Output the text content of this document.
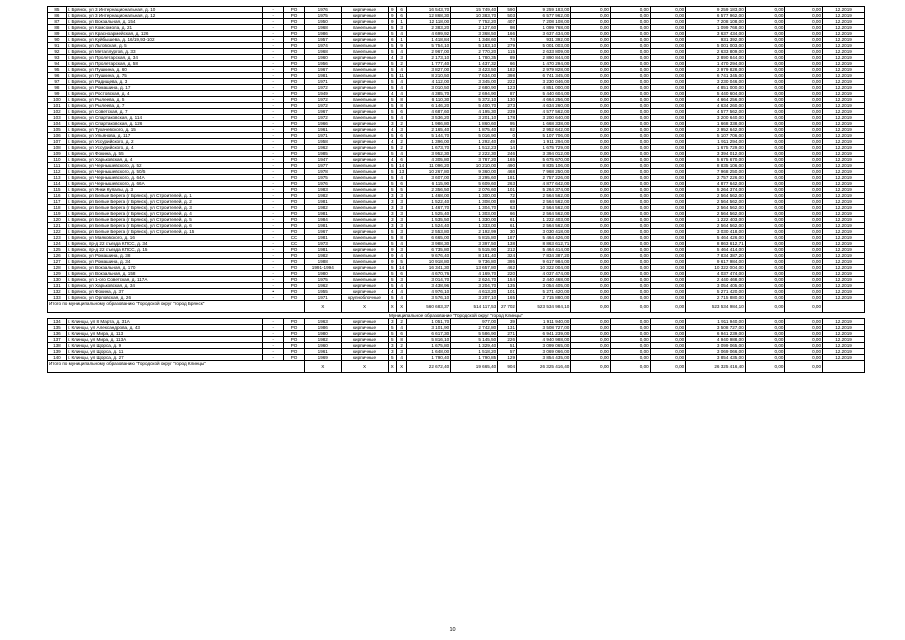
85	г. Брянск, ул 3 Интернациональная, д. 10	-	РО	1976	кирпичные	9	6	16 543,70	15 749,40	590	9 259 183,00	0,00	0,00	0,00	9 259 183,00	0,00	0,00	12.2019
86	г. Брянск, ул 3 Интернациональная, д. 12	-	РО	1975	кирпичные	9	6	12 868,30	10 383,70	503	6 577 962,00	0,00	0,00	0,00	6 577 962,00	0,00	0,00	12.2019
87	г. Брянск, ул Вокзальная, д. 154	-	РО	1950	кирпичные	9	1	12 118,00	7 752,20	407	7 208 108,00	0,00	0,00	0,00	7 208 108,00	0,00	0,00	12.2019
88	г. Брянск, ул Комсомола, д. 21	-	РО	1968	панельные	5	3	2 383,20	2 127,60	98	1 099 768,00	0,00	0,00	0,00	1 099 768,00	0,00	0,00	12.2019
89	г. Брянск, ул Красноармейская, д. 126	-	РО	1986	кирпичные	5	4	4 699,92	3 368,50	166	3 637 434,00	0,00	0,00	0,00	3 637 434,00	0,00	0,00	12.2019
90	г. Брянск, ул Куйбышева, д. 16/19,93-102	-	РО	1957	кирпичные	6	1	1 418,84	1 348,60	74	931 392,00	0,00	0,00	0,00	931 392,00	0,00	0,00	12.2019
91	г. Брянск, ул Льговская, д. 5	-	РО	1974	панельные	5	9	5 754,10	5 183,10	279	5 001 003,00	0,00	0,00	0,00	5 001 003,00	0,00	0,00	12.2019
92	г. Брянск, ул Металлургов, д. 33	-	РО	1968	панельные	5	4	2 967,00	2 770,20	115	2 633 809,00	0,00	0,00	0,00	2 633 809,00	0,00	0,00	12.2019
93	г. Брянск, ул Пролетарская, д. 34	-	РО	1960	кирпичные	4	3	2 173,10	1 780,35	89	2 890 844,00	0,00	0,00	0,00	2 890 844,00	0,00	0,00	12.2019
94	г. Брянск, ул Пролетарская, д. 58	-	РО	1956	кирпичные	5	2	1 777,40	1 437,32	66	1 470 294,00	0,00	0,00	0,00	1 470 294,00	0,00	0,00	12.2019
95	г. Брянск, ул Пушкина, д. 60	-	РО	1967	панельные	5	4	3 827,00	3 423,50	182	2 979 828,00	0,00	0,00	0,00	2 979 828,00	0,00	0,00	12.2019
96	г. Брянск, ул Пушкина, д. 75	-	РО	1981	панельные	5	11	8 210,50	7 634,00	398	6 741 345,00	0,00	0,00	0,00	6 741 345,00	0,00	0,00	12.2019
97	г. Брянск, ул Радищева, д. 3	-	РО	1971	кирпичные	5	4	4 112,00	3 345,00	222	3 230 046,00	0,00	0,00	0,00	3 230 046,00	0,00	0,00	12.2019
98	г. Брянск, ул Ромашина, д. 17	-	РО	1972	кирпичные	5	4	3 010,50	2 680,90	123	4 851 000,00	0,00	0,00	0,00	4 851 000,00	0,00	0,00	12.2019
99	г. Брянск, ул Ростовская, д. 4	-	РО	1949	кирпичные	4	4	4 385,70	2 694,90	87	5 440 604,00	0,00	0,00	0,00	5 440 604,00	0,00	0,00	12.2019
100	г. Брянск, ул Рылеева, д. 5	-	РО	1972	панельные	5	8	6 110,30	5 372,10	130	4 664 256,00	0,00	0,00	0,00	4 664 256,00	0,00	0,00	12.2019
101	г. Брянск, ул Рылеева, д. 7	-	РО	1972	панельные	5	8	6 146,20	5 400,70	273	4 634 260,00	0,00	0,00	0,00	4 634 260,00	0,00	0,00	12.2019
102	г. Брянск, ул Советская, д. 7	-	РО	1967	кирпичные	5	6	4 687,60	4 195,30	239	4 577 562,00	0,00	0,00	0,00	4 577 562,00	0,00	0,00	12.2019
103	г. Брянск, ул Спартаковская, д. 114	-	РО	1972	панельные	5	4	3 536,20	3 201,10	178	3 200 640,00	0,00	0,00	0,00	3 200 640,00	0,00	0,00	12.2019
104	г. Брянск, ул Спартаковская, д. 126	-	РО	1966	кирпичные	3	2	1 986,80	1 860,60	95	1 668 338,00	0,00	0,00	0,00	1 668 338,00	0,00	0,00	12.2019
105	г. Брянск, ул Тухачевского, д. 15	-	РО	1961	кирпичные	4	3	2 165,40	1 875,40	92	2 952 642,00	0,00	0,00	0,00	2 952 642,00	0,00	0,00	12.2019
106	г. Брянск, ул Ульянова, д. 117	-	РО	1971	панельные	5	6	5 144,70	5 016,90	0	5 107 706,00	0,00	0,00	0,00	5 107 706,00	0,00	0,00	12.2019
107	г. Брянск, ул Уссурийского, д. 2	-	РО	1958	кирпичные	4	2	1 396,00	1 292,40	49	1 911 294,00	0,00	0,00	0,00	1 911 294,00	0,00	0,00	12.2019
108	г. Брянск, ул Уссурийского, д. 4	-	РО	1962	кирпичные	5	2	1 673,70	1 512,23	14	1 675 729,00	0,00	0,00	0,00	1 675 729,00	0,00	0,00	12.2019
109	г. Брянск, ул Фокина, д. 55	-	РО	1985	кирпичные	5	4	3 952,30	2 222,30	246	3 394 012,00	0,00	0,00	0,00	3 394 012,00	0,00	0,00	12.2019
110	г. Брянск, ул Харьковская, д. 4	-	РО	1947	кирпичные	4	6	4 305,80	3 787,20	165	5 675 670,00	0,00	0,00	0,00	5 675 670,00	0,00	0,00	12.2019
111	г. Брянск, ул Чернышевского, д. 52	-	РО	1977	панельные	5	14	11 096,20	10 210,00	490	8 835 106,00	0,00	0,00	0,00	8 835 106,00	0,00	0,00	12.2019
112	г. Брянск, ул Чернышевского, д. 50/5	-	РО	1978	панельные	5	13	10 267,80	9 360,00	468	7 968 250,00	0,00	0,00	0,00	7 968 250,00	0,00	0,00	12.2019
113	г. Брянск, ул Чернышевского, д. 64А	-	РО	1975	панельные	5	4	3 607,00	3 295,60	181	2 757 226,00	0,00	0,00	0,00	2 757 226,00	0,00	0,00	12.2019
114	г. Брянск, ул Чернышевского, д. 66А	-	РО	1976	панельные	5	6	6 115,90	5 609,60	263	4 877 642,00	0,00	0,00	0,00	4 877 642,00	0,00	0,00	12.2019
115	г. Брянск, ул Янки Купалы, д. 3	-	РО	1983	панельные	5	5	2 356,50	2 076,60	101	5 264 374,00	0,00	0,00	0,00	5 264 374,00	0,00	0,00	12.2019
116	г. Брянск, рп Белые Берега (г Брянск), ул Строителей, д. 1	-	РО	1982	панельные	3	3	1 468,00	1 300,00	72	2 564 562,00	0,00	0,00	0,00	2 564 562,00	0,00	0,00	12.2019
117	г. Брянск, рп Белые Берега (г Брянск), ул Строителей, д. 2	-	РО	1981	панельные	3	3	1 522,40	1 308,00	69	2 564 562,00	0,00	0,00	0,00	2 564 562,00	0,00	0,00	12.2019
118	г. Брянск, рп Белые Берега (г Брянск), ул Строителей, д. 3	-	РО	1982	панельные	3	3	1 467,70	1 304,70	63	2 564 562,00	0,00	0,00	0,00	2 564 562,00	0,00	0,00	12.2019
119	г. Брянск, рп Белые Берега (г Брянск), ул Строителей, д. 4	-	РО	1981	панельные	3	3	1 525,40	1 303,00	66	2 564 562,00	0,00	0,00	0,00	2 564 562,00	0,00	0,00	12.2019
120	г. Брянск, рп Белые Берега (г Брянск), ул Строителей, д. 5	-	РО	1984	панельные	3	3	1 535,50	1 330,00	61	1 222 403,00	0,00	0,00	0,00	1 222 403,00	0,00	0,00	12.2019
121	г. Брянск, рп Белые Берега (г Брянск), ул Строителей, д. 6	-	РО	1981	панельные	3	3	1 524,40	1 333,00	61	2 564 562,00	0,00	0,00	0,00	2 564 562,00	0,00	0,00	12.2019
122	г. Брянск, рп Белые Берега (г Брянск), ул Строителей, д. 15	-	РО	1967	кирпичные	5	3	2 553,80	2 192,99	30	3 030 418,00	0,00	0,00	0,00	3 030 418,00	0,00	0,00	12.2019
123	г. Брянск, ул Маяковского, д. 16	-	СС	1981	панельные	5	8	6 665,00	5 815,80	187	5 464 426,00	0,00	0,00	0,00	5 464 426,00	0,00	0,00	12.2019
124	г. Брянск, пр-д 22 съезда КПСС, д. 34	-	СС	1973	панельные	5	4	3 988,30	3 397,50	138	8 863 612,71	0,00	0,00	0,00	8 863 612,71	0,00	0,00	12.2019
125	г. Брянск, пр-д 22 съезда КПСС, д. 15	-	РО	1981	кирпичные	9	3	6 735,80	5 515,90	212	5 464 414,00	0,00	0,00	0,00	5 464 414,00	0,00	0,00	12.2019
126	г. Брянск, ул Ромашина, д. 38	-	РО	1982	панельные	9	4	9 676,40	8 181,40	324	7 834 387,20	0,00	0,00	0,00	7 834 387,20	0,00	0,00	12.2019
127	г. Брянск, ул Ромашина, д. 34	-	РО	1988	панельные	9	5	10 918,80	9 736,80	395	9 617 984,00	0,00	0,00	0,00	9 617 984,00	0,00	0,00	12.2019
128	г. Брянск, ул Вокзальная, д. 170	-	РО	1991-1994	кирпичные	5	14	16 341,30	13 657,80	462	10 322 004,00	0,00	0,00	0,00	10 322 004,00	0,00	0,00	12.2019
129	г. Брянск, ул Вокзальная, д. 158	-	РО	1980	панельные	5	6	4 670,76	4 169,70	220	4 037 474,00	0,00	0,00	0,00	4 037 474,00	0,00	0,00	12.2019
130	г. Брянск, ул 1-ого Советская, д. 117А	-	РО	1975	панельные	5	3	3 014,70	2 624,70	154	2 440 468,00	0,00	0,00	0,00	2 440 468,00	0,00	0,00	12.2019
131	г. Брянск, ул Харьковская, д. 34	-	РО	1962	кирпичные	5	4	3 438,96	3 204,70	135	3 054 405,00	0,00	0,00	0,00	3 054 405,00	0,00	0,00	12.2019
132	г. Брянск, ул Фокина, д. 37	•	РО	1955	кирпичные	4	4	4 976,10	4 613,20	101	5 271 420,00	0,00	0,00	0,00	5 271 420,00	0,00	0,00	12.2019
133	г. Брянск, ул Орловская, д. 26	-	РО	1971	крупноблочные	5	4	3 576,10	3 207,10	165	2 715 880,00	0,00	0,00	0,00	2 715 880,00	0,00	0,00	12.2019
Итого по муниципальному образованию "Городской округ "город Брянск"				X	X	X	X	560 683,37	514 117,53	27 702	523 534 984,10	0,00	0,00	0,00	523 534 984,10	0,00	0,00	
Муниципальное образование "Городской округ "город Клинцы"																		
134	г. Клинцы, ул 8 Марта, д. 31А	-	РО	1963	кирпичные	3	2	1 051,70	977,00	39	1 911 940,00	0,00	0,00	0,00	1 911 940,00	0,00	0,00	12.2019
135	г. Клинцы, ул Александрова, д. 43	-	РО	1986	кирпичные	5	4	3 101,90	2 742,80	131	3 508 727,00	0,00	0,00	0,00	3 508 727,00	0,00	0,00	12.2019
136	г. Клинцы, ул Мира, д. 113	-	РО	1980	кирпичные	5	6	6 617,30	5 586,90	271	6 941 239,00	0,00	0,00	0,00	6 941 239,00	0,00	0,00	12.2019
137	г. Клинцы, ул Мира, д. 113А	-	РО	1982	кирпичные	5	8	5 816,10	5 145,50	226	4 940 988,00	0,00	0,00	0,00	4 940 988,00	0,00	0,00	12.2019
138	г. Клинцы, ул Щорса, д. 9	-	РО	1960	кирпичные	3	2	1 675,80	1 329,40	51	3 099 065,00	0,00	0,00	0,00	3 099 065,00	0,00	0,00	12.2019
139	г. Клинцы, ул Щорса, д. 11	-	РО	1961	кирпичные	3	3	1 648,00	1 518,20	57	3 069 066,00	0,00	0,00	0,00	3 069 066,00	0,00	0,00	12.2019
140	г. Клинцы, ул Щорса, д. 27	-	РО	1969	кирпичные	5	4	1 790,40	1 790,85	129	3 854 435,00	0,00	0,00	0,00	3 854 435,00	0,00	0,00	12.2019
Итого по муниципальному образованию "Городской округ "город Клинцы"				X	X	X	X	22 672,40	19 665,40	904	26 325 416,40	0,00	0,00	0,00	26 325 416,40	0,00	0,00	
10
